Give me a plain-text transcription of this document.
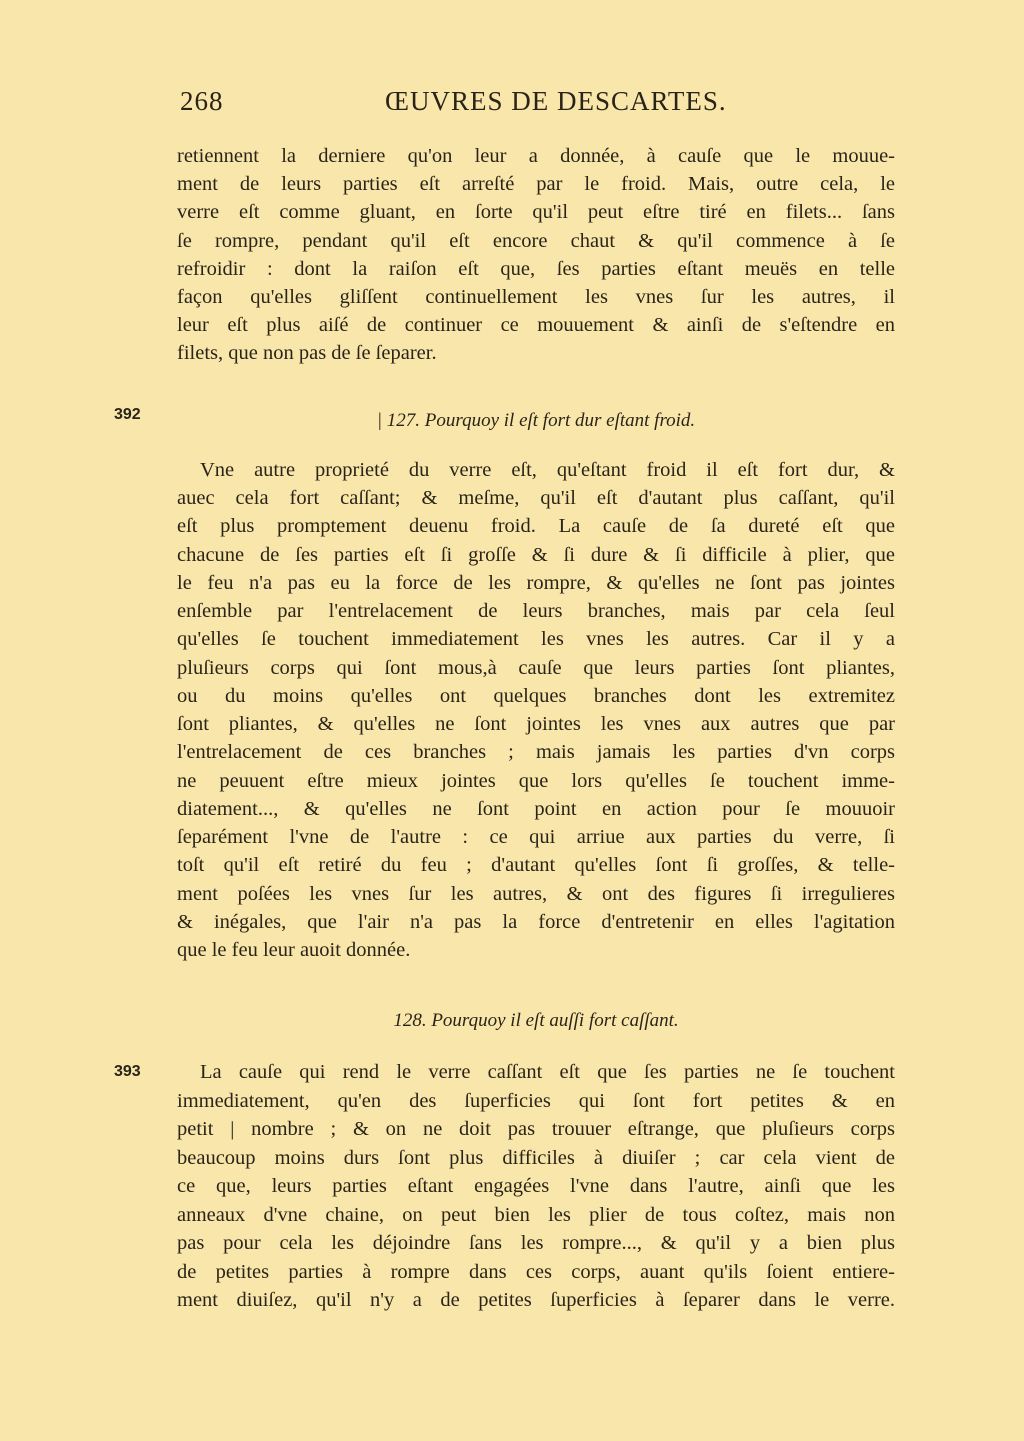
268	ŒUVRES DE DESCARTES.
392
393
retiennent la derniere qu'on leur a donnée, à cauſe que le mouue-
ment de leurs parties eſt arreſté par le froid. Mais, outre cela, le
verre eſt comme gluant, en ſorte qu'il peut eſtre tiré en filets... ſans
ſe rompre, pendant qu'il eſt encore chaut & qu'il commence à ſe
refroidir : dont la raiſon eſt que, ſes parties eſtant meuës en telle
façon qu'elles gliſſent continuellement les vnes ſur les autres, il
leur eſt plus aiſé de continuer ce mouuement & ainſi de s'eſtendre en
filets, que non pas de ſe ſeparer.
| 127. Pourquoy il eſt fort dur eſtant froid.
Vne autre proprieté du verre eſt, qu'eſtant froid il eſt fort dur, &
auec cela fort caſſant; & meſme, qu'il eſt d'autant plus caſſant, qu'il
eſt plus promptement deuenu froid. La cauſe de ſa dureté eſt que
chacune de ſes parties eſt ſi groſſe & ſi dure & ſi difficile à plier, que
le feu n'a pas eu la force de les rompre, & qu'elles ne ſont pas jointes
enſemble par l'entrelacement de leurs branches, mais par cela ſeul
qu'elles ſe touchent immediatement les vnes les autres. Car il y a
pluſieurs corps qui ſont mous,à cauſe que leurs parties ſont pliantes,
ou du moins qu'elles ont quelques branches dont les extremitez
ſont pliantes, & qu'elles ne ſont jointes les vnes aux autres que par
l'entrelacement de ces branches ; mais jamais les parties d'vn corps
ne peuuent eſtre mieux jointes que lors qu'elles ſe touchent imme-
diatement..., & qu'elles ne ſont point en action pour ſe mouuoir
ſeparément l'vne de l'autre : ce qui arriue aux parties du verre, ſi
toſt qu'il eſt retiré du feu ; d'autant qu'elles ſont ſi groſſes, & telle-
ment poſées les vnes ſur les autres, & ont des figures ſi irregulieres
& inégales, que l'air n'a pas la force d'entretenir en elles l'agitation
que le feu leur auoit donnée.
128. Pourquoy il eſt auſſi fort caſſant.
La cauſe qui rend le verre caſſant eſt que ſes parties ne ſe touchent
immediatement, qu'en des ſuperficies qui ſont fort petites & en
petit | nombre ; & on ne doit pas trouuer eſtrange, que pluſieurs corps
beaucoup moins durs ſont plus difficiles à diuiſer ; car cela vient de
ce que, leurs parties eſtant engagées l'vne dans l'autre, ainſi que les
anneaux d'vne chaine, on peut bien les plier de tous coſtez, mais non
pas pour cela les déjoindre ſans les rompre..., & qu'il y a bien plus
de petites parties à rompre dans ces corps, auant qu'ils ſoient entiere-
ment diuiſez, qu'il n'y a de petites ſuperficies à ſeparer dans le verre.
